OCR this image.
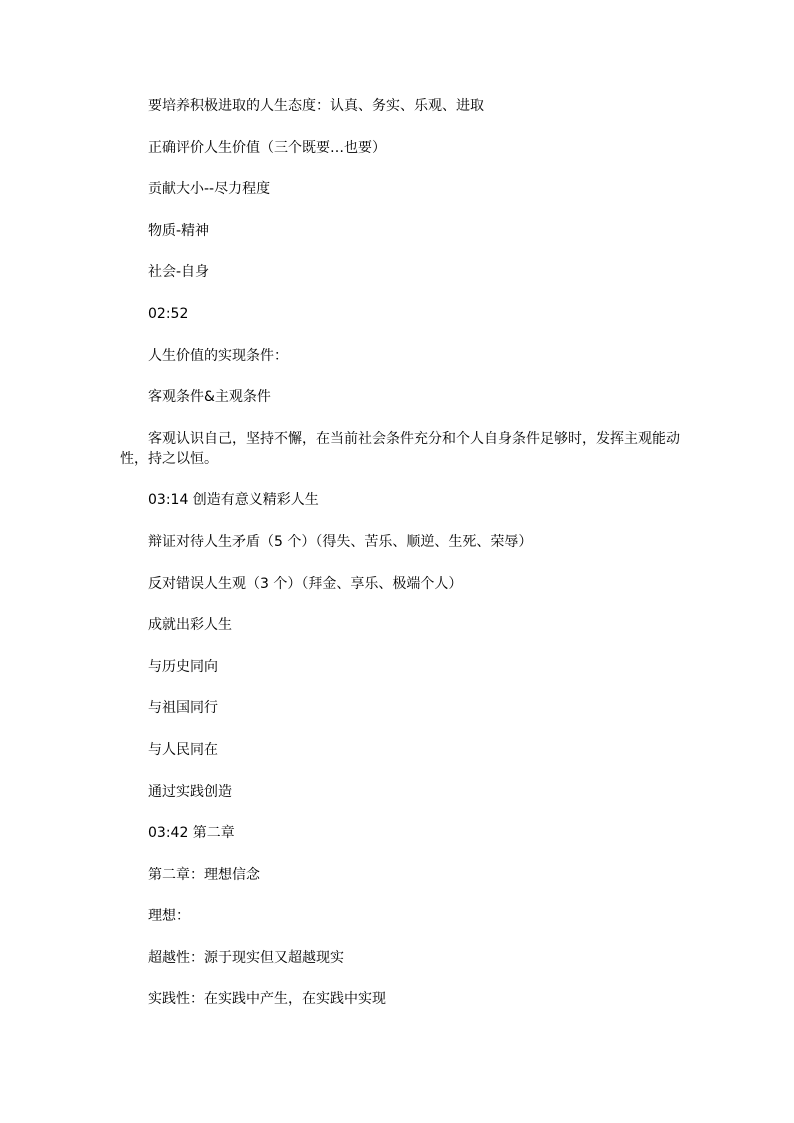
要培养积极进取的人生态度：认真、务实、乐观、进取

正确评价人生价值（三个既要…也要）

贡献大小--尽力程度

物质-精神

社会-自身

02:52

人生价值的实现条件：

客观条件&主观条件

客观认识自己，坚持不懈，在当前社会条件充分和个人自身条件足够时，发挥主观能动性，持之以恒。

03:14 创造有意义精彩人生

辩证对待人生矛盾（5 个）（得失、苦乐、顺逆、生死、荣辱）

反对错误人生观（3 个）（拜金、享乐、极端个人）

成就出彩人生

与历史同向

与祖国同行

与人民同在

通过实践创造

03:42 第二章

第二章：理想信念

理想：

超越性：源于现实但又超越现实

实践性：在实践中产生，在实践中实现
